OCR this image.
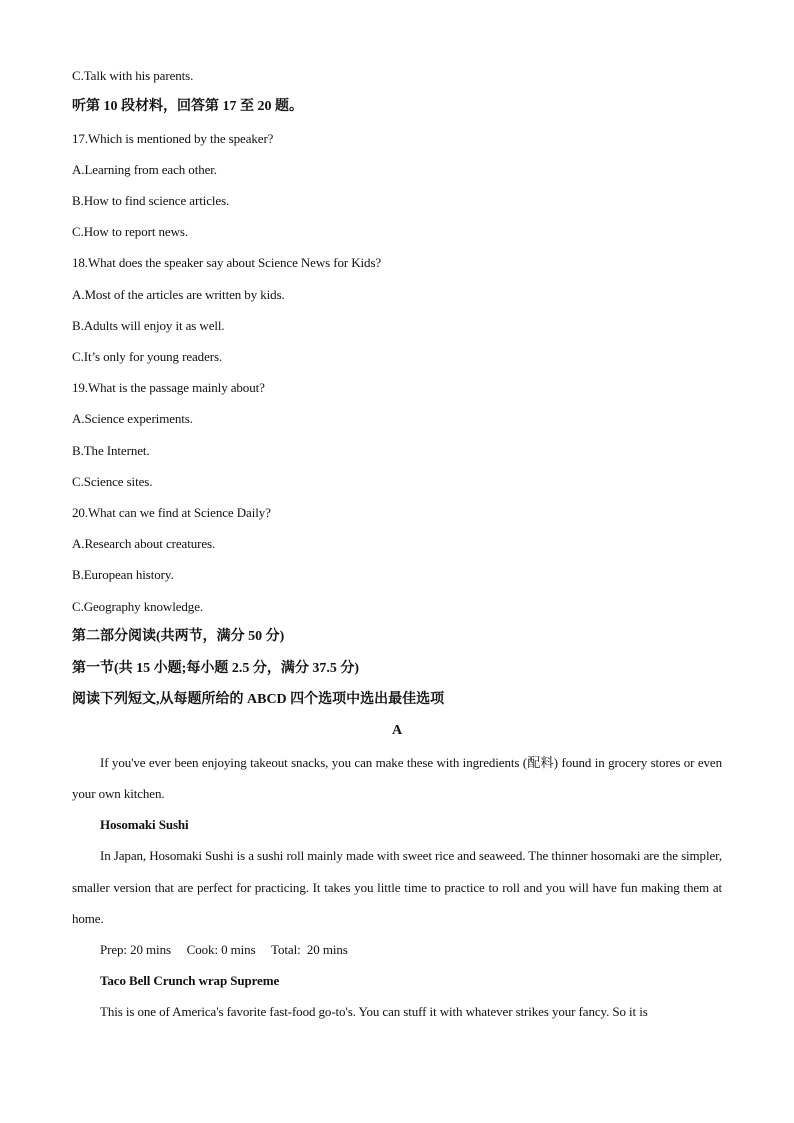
C.Talk with his parents.
听第 10 段材料，回答第 17 至 20 题。
17.Which is mentioned by the speaker?
A.Learning from each other.
B.How to find science articles.
C.How to report news.
18.What does the speaker say about Science News for Kids?
A.Most of the articles are written by kids.
B.Adults will enjoy it as well.
C.It’s only for young readers.
19.What is the passage mainly about?
A.Science experiments.
B.The Internet.
C.Science sites.
20.What can we find at Science Daily?
A.Research about creatures.
B.European history.
C.Geography knowledge.
第二部分阅读(共两节，满分 50 分)
第一节(共 15 小题;每小题 2.5 分，满分 37.5 分)
阅读下列短文,从每题所给的 ABCD 四个选项中选出最佳选项
A
If you've ever been enjoying takeout snacks, you can make these with ingredients (配料) found in grocery stores or even your own kitchen.
Hosomaki Sushi
In Japan, Hosomaki Sushi is a sushi roll mainly made with sweet rice and seaweed. The thinner hosomaki are the simpler, smaller version that are perfect for practicing. It takes you little time to practice to roll and you will have fun making them at home.
Prep: 20 mins     Cook: 0 mins     Total:  20 mins
Taco Bell Crunch wrap Supreme
This is one of America's favorite fast-food go-to's. You can stuff it with whatever strikes your fancy. So it is
